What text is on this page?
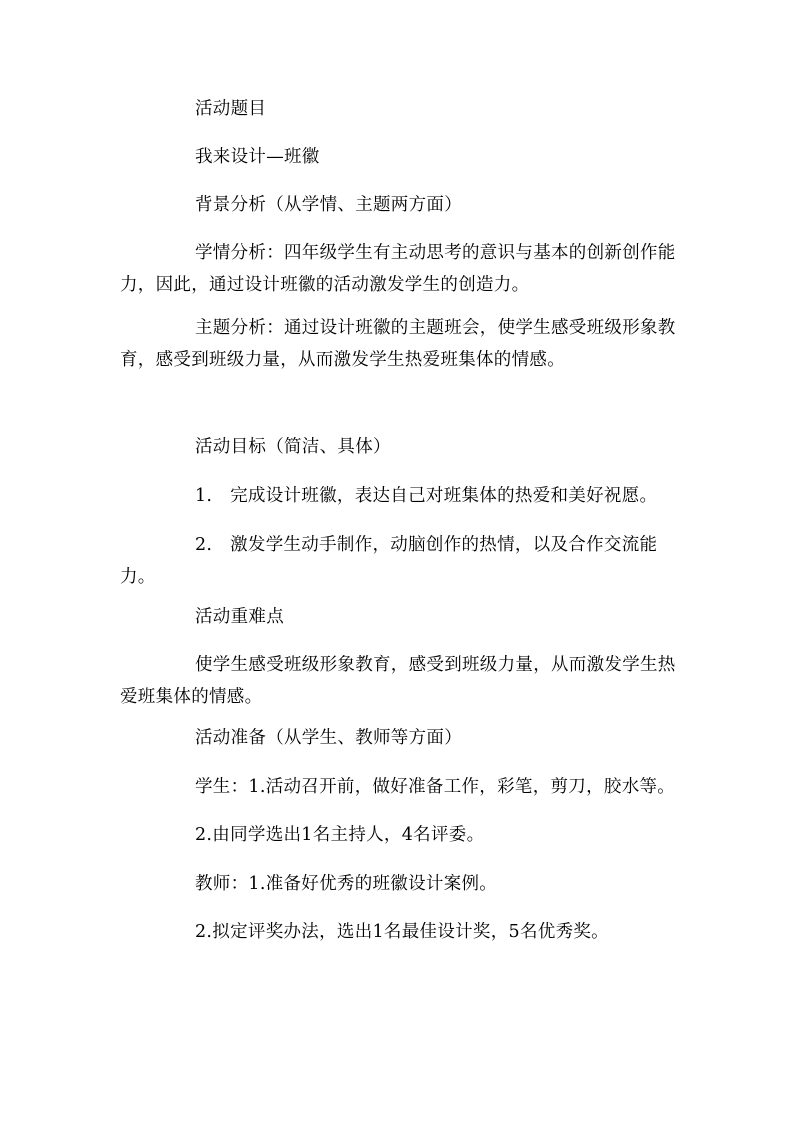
活动题目
我来设计—班徽
背景分析（从学情、主题两方面）
学情分析：四年级学生有主动思考的意识与基本的创新创作能力，因此，通过设计班徽的活动激发学生的创造力。
主题分析：通过设计班徽的主题班会，使学生感受班级形象教育，感受到班级力量，从而激发学生热爱班集体的情感。
活动目标（简洁、具体）
1.　完成设计班徽，表达自己对班集体的热爱和美好祝愿。
2.　激发学生动手制作，动脑创作的热情，以及合作交流能力。
活动重难点
使学生感受班级形象教育，感受到班级力量，从而激发学生热爱班集体的情感。
活动准备（从学生、教师等方面）
学生：1.活动召开前，做好准备工作，彩笔，剪刀，胶水等。
2.由同学选出1名主持人，4名评委。
教师：1.准备好优秀的班徽设计案例。
2.拟定评奖办法，选出1名最佳设计奖，5名优秀奖。
